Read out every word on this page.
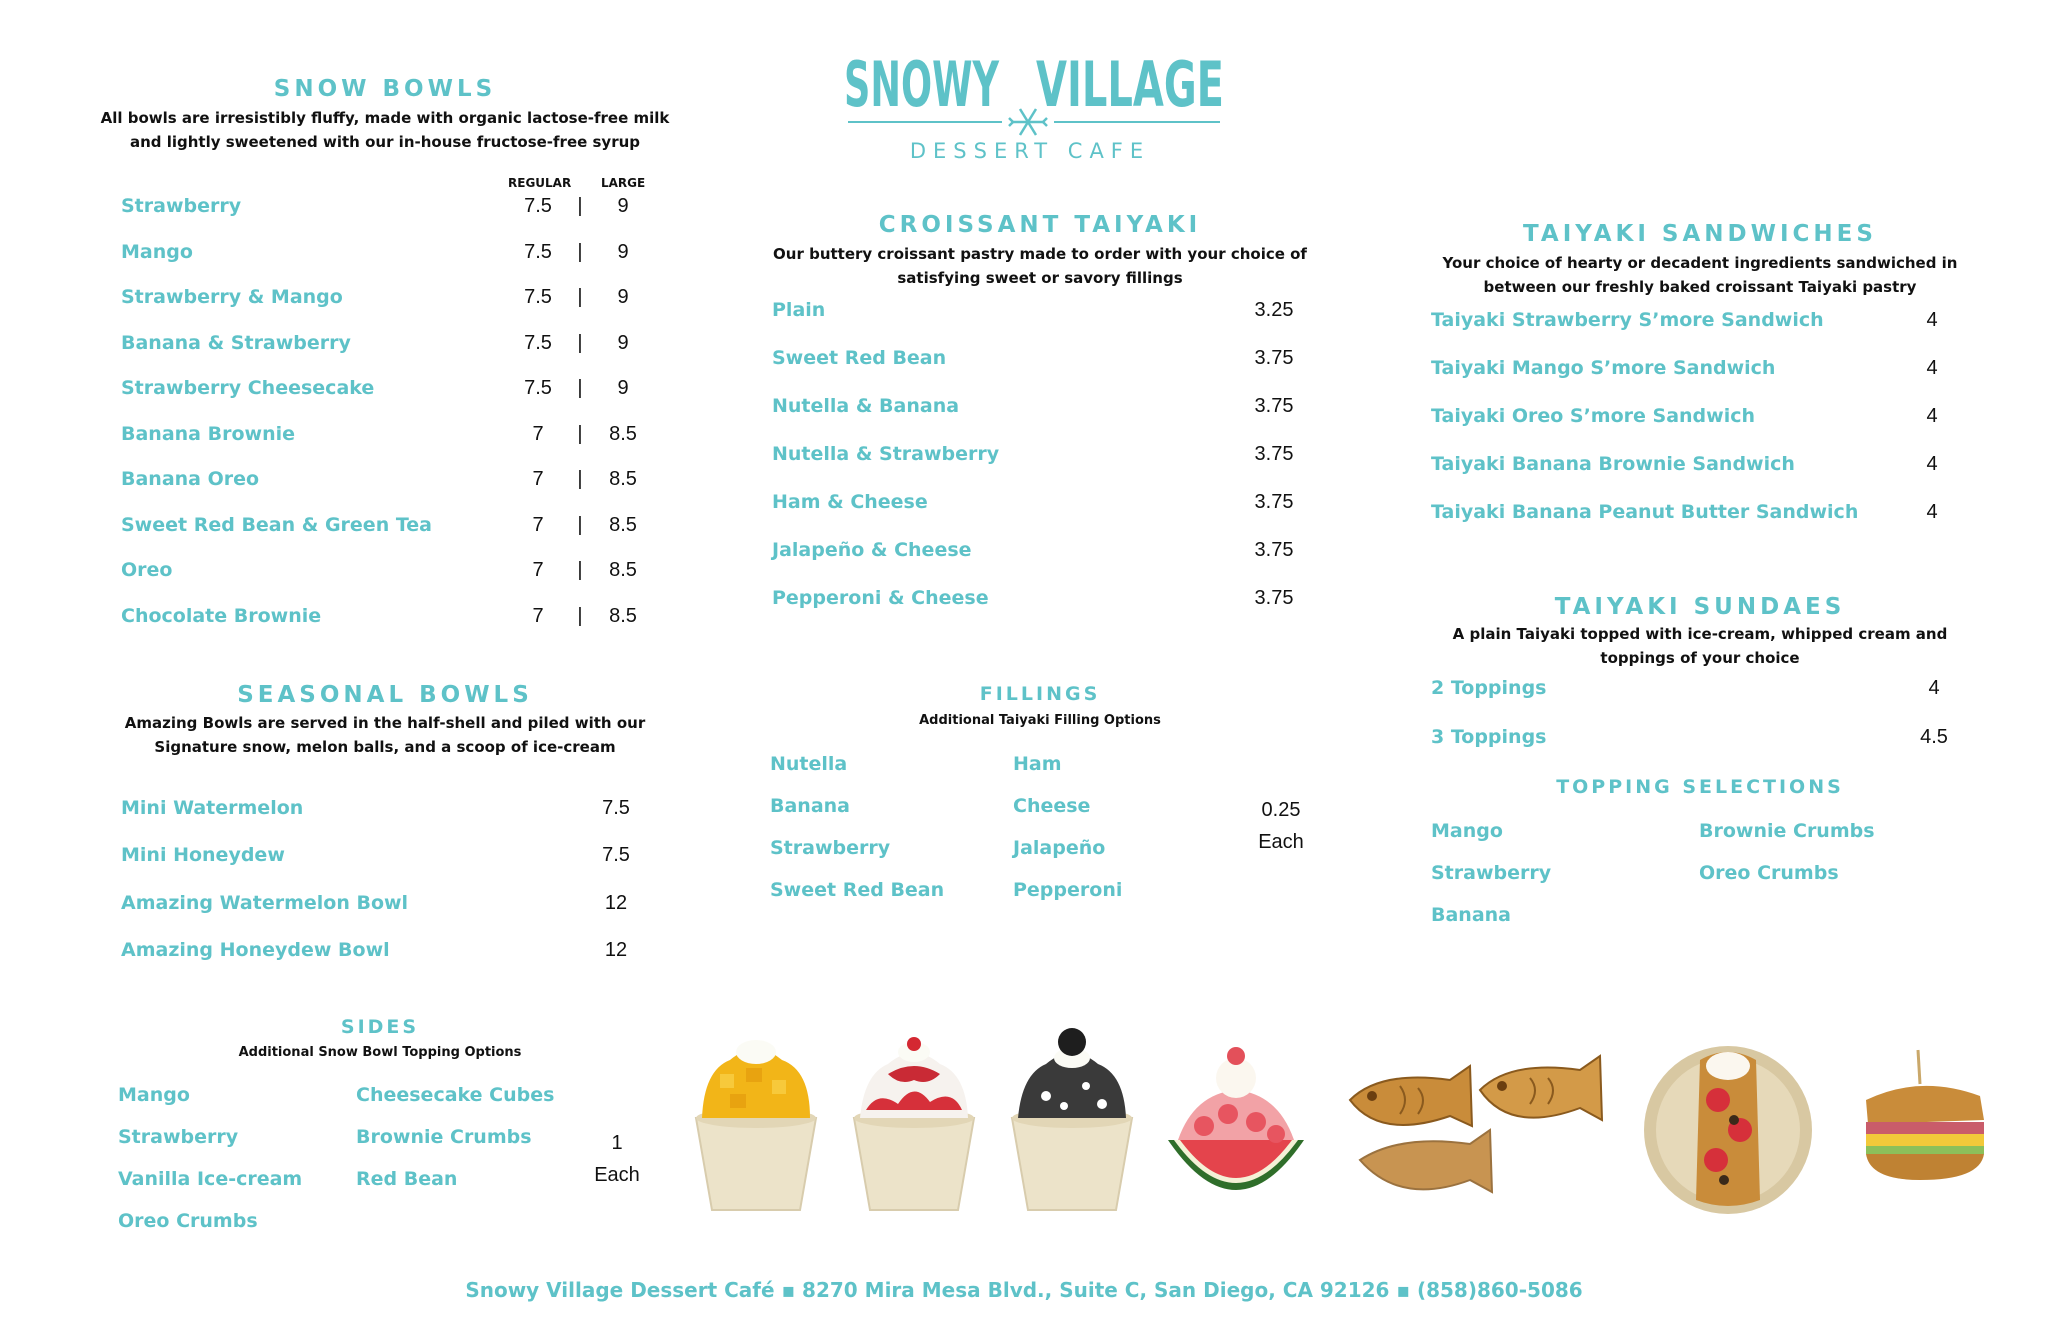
SNOWY VILLAGE
DESSERT CAFE
SNOW BOWLS
All bowls are irresistibly fluffy, made with organic lactose-free milk
and lightly sweetened with our in-house fructose-free syrup
REGULAR LARGE
Strawberry	7.5	|	9
Mango	7.5	|	9
Strawberry & Mango	7.5	|	9
Banana & Strawberry	7.5	|	9
Strawberry Cheesecake	7.5	|	9
Banana Brownie	7	|	8.5
Banana Oreo	7	|	8.5
Sweet Red Bean & Green Tea	7	|	8.5
Oreo	7	|	8.5
Chocolate Brownie	7	|	8.5
SEASONAL BOWLS
Amazing Bowls are served in the half-shell and piled with our
Signature snow, melon balls, and a scoop of ice-cream
Mini Watermelon	7.5
Mini Honeydew	7.5
Amazing Watermelon Bowl	12
Amazing Honeydew Bowl	12
SIDES
Additional Snow Bowl Topping Options
Mango
Strawberry
Vanilla Ice-cream
Oreo Crumbs
Cheesecake Cubes
Brownie Crumbs
Red Bean
1
Each
CROISSANT TAIYAKI
Our buttery croissant pastry made to order with your choice of
satisfying sweet or savory fillings
Plain	3.25
Sweet Red Bean	3.75
Nutella & Banana	3.75
Nutella & Strawberry	3.75
Ham & Cheese	3.75
Jalapeño & Cheese	3.75
Pepperoni & Cheese	3.75
FILLINGS
Additional Taiyaki Filling Options
Nutella
Banana
Strawberry
Sweet Red Bean
Ham
Cheese
Jalapeño
Pepperoni
0.25
Each
TAIYAKI SANDWICHES
Your choice of hearty or decadent ingredients sandwiched in
between our freshly baked croissant Taiyaki pastry
Taiyaki Strawberry S’more Sandwich	4
Taiyaki Mango S’more Sandwich	4
Taiyaki Oreo S’more Sandwich	4
Taiyaki Banana Brownie Sandwich	4
Taiyaki Banana Peanut Butter Sandwich	4
TAIYAKI SUNDAES
A plain Taiyaki topped with ice-cream, whipped cream and
toppings of your choice
2 Toppings	4
3 Toppings	4.5
TOPPING SELECTIONS
Mango
Strawberry
Banana
Brownie Crumbs
Oreo Crumbs
Snowy Village Dessert Café ▪ 8270 Mira Mesa Blvd., Suite C, San Diego, CA 92126 ▪ (858)860-5086
